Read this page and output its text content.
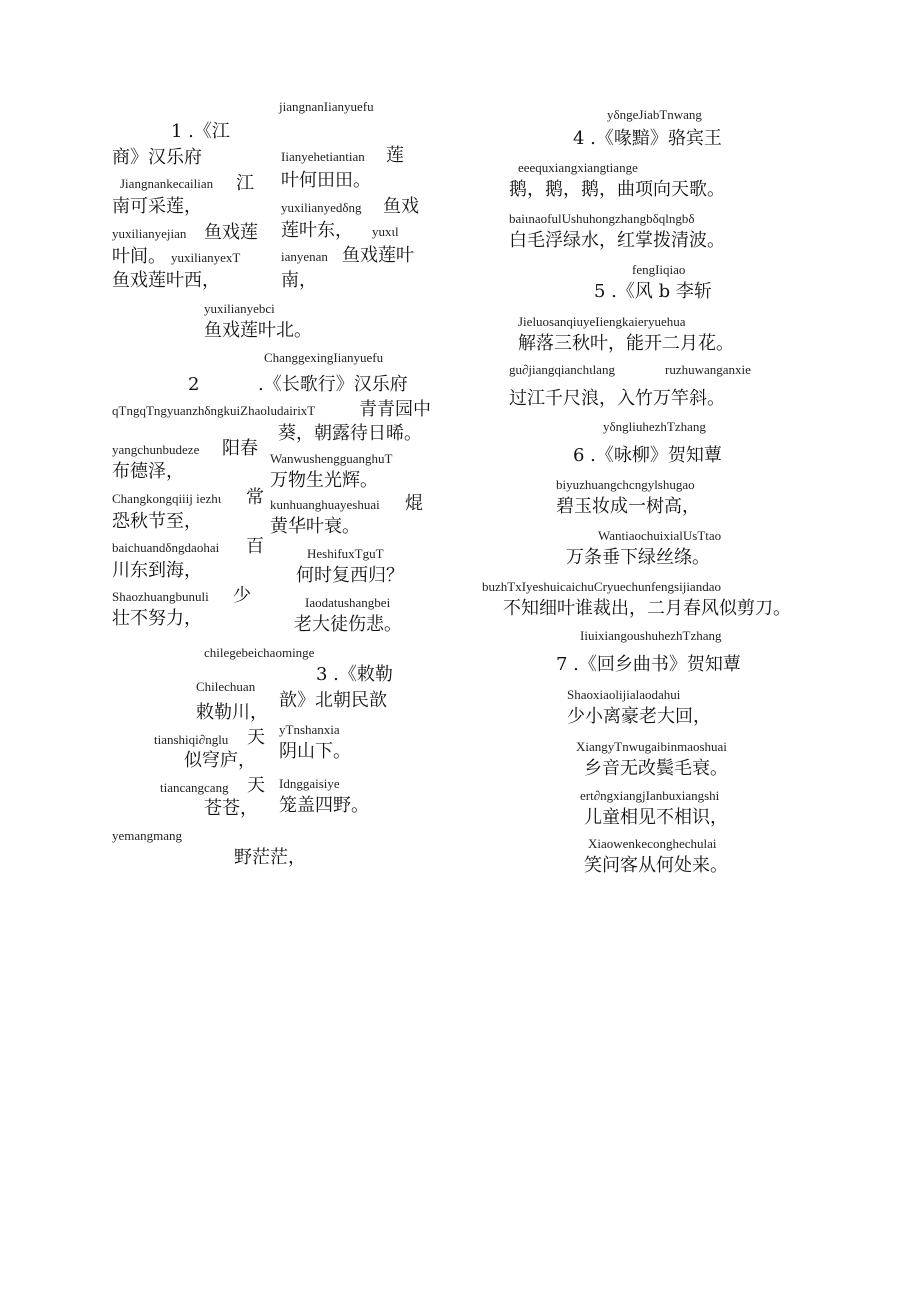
jiangnanIianyuefu
1 .《江
商》汉乐府
Jiangnankecailian 江
南可采莲，
Iianyehetiantian 莲
叶何田田。
yuxilianyejian 鱼戏莲
叶间。 yuxilianyexT
鱼戏莲叶西，
yuxilianyedδng 鱼戏
莲叶东， yuxιl
ianyenan 鱼戏莲叶
南，
yuxilianyebci
鱼戏莲叶北。
ChanggexingIianyuefu
2	.《长歌行》汉乐府
qTngqTngyuanzhδngkuiZhaoludairixT 青青园中
葵，朝露待日晞。
yangchunbudeze 阳春
布德泽，
WanwushengguanghuT
万物生光辉。
Changkongqiiij iezhι 常
恐秋节至，
kunhuanghuayeshuai 焜
黄华叶衰。
baichuandδngdaohai 百
川东到海，
HeshifuxTguT
何时复西归？
Shaozhuangbunuli 少
壮不努力，
Iaodatushangbei
老大徒伤悲。
chilegebeichaominge
3 .《敕勒
歆》北朝民歆
Chilechuan
敕勒川，
yTnshanxia
阴山下。
tianshiqi∂nglu 天
似穹庐，
Idnggaisiye
笼盖四野。
tiancangcang 天
苍苍，
yemangmang
野茫茫，
yδngeJiabTnwang
4 .《喙黯》骆宾王
eeequxiangxiangtiange
鹅，鹅，鹅，曲项向天歌。
baiιnaofulUshuhongzhangbδqlngbδ
白毛浮绿水，红掌拨清波。
fengIiqiao
5 .《风 b 李斩
JieluosanqiuyeIiengkaieryuehua
解落三秋叶，能开二月花。
gu∂jiangqianchιlang	ruzhuwanganxie
过江千尺浪，入竹万竿斜。
yδngliuhezhTzhang
6 .《咏柳》贺知蕈
biyuzhuangchcngylshugao
碧玉妆成一树高，
WantiaochuixialUsTtao
万条垂下绿丝绦。
buzhTxIyeshuicaichuCryuechunfengsijiandao
不知细叶谁裁出，二月春风似剪刀。
IiuixiangoushuhezhTzhang
7 .《回乡曲书》贺知蕈
Shaoxiaolijialaodahui
少小离豪老大回，
XiangyTnwugaibinmaoshuai
乡音无改鬓毛衰。
ert∂ngxiangjIanbuxiangshi
儿童相见不相识，
Xiaowenkeconghechulai
笑问客从何处来。
